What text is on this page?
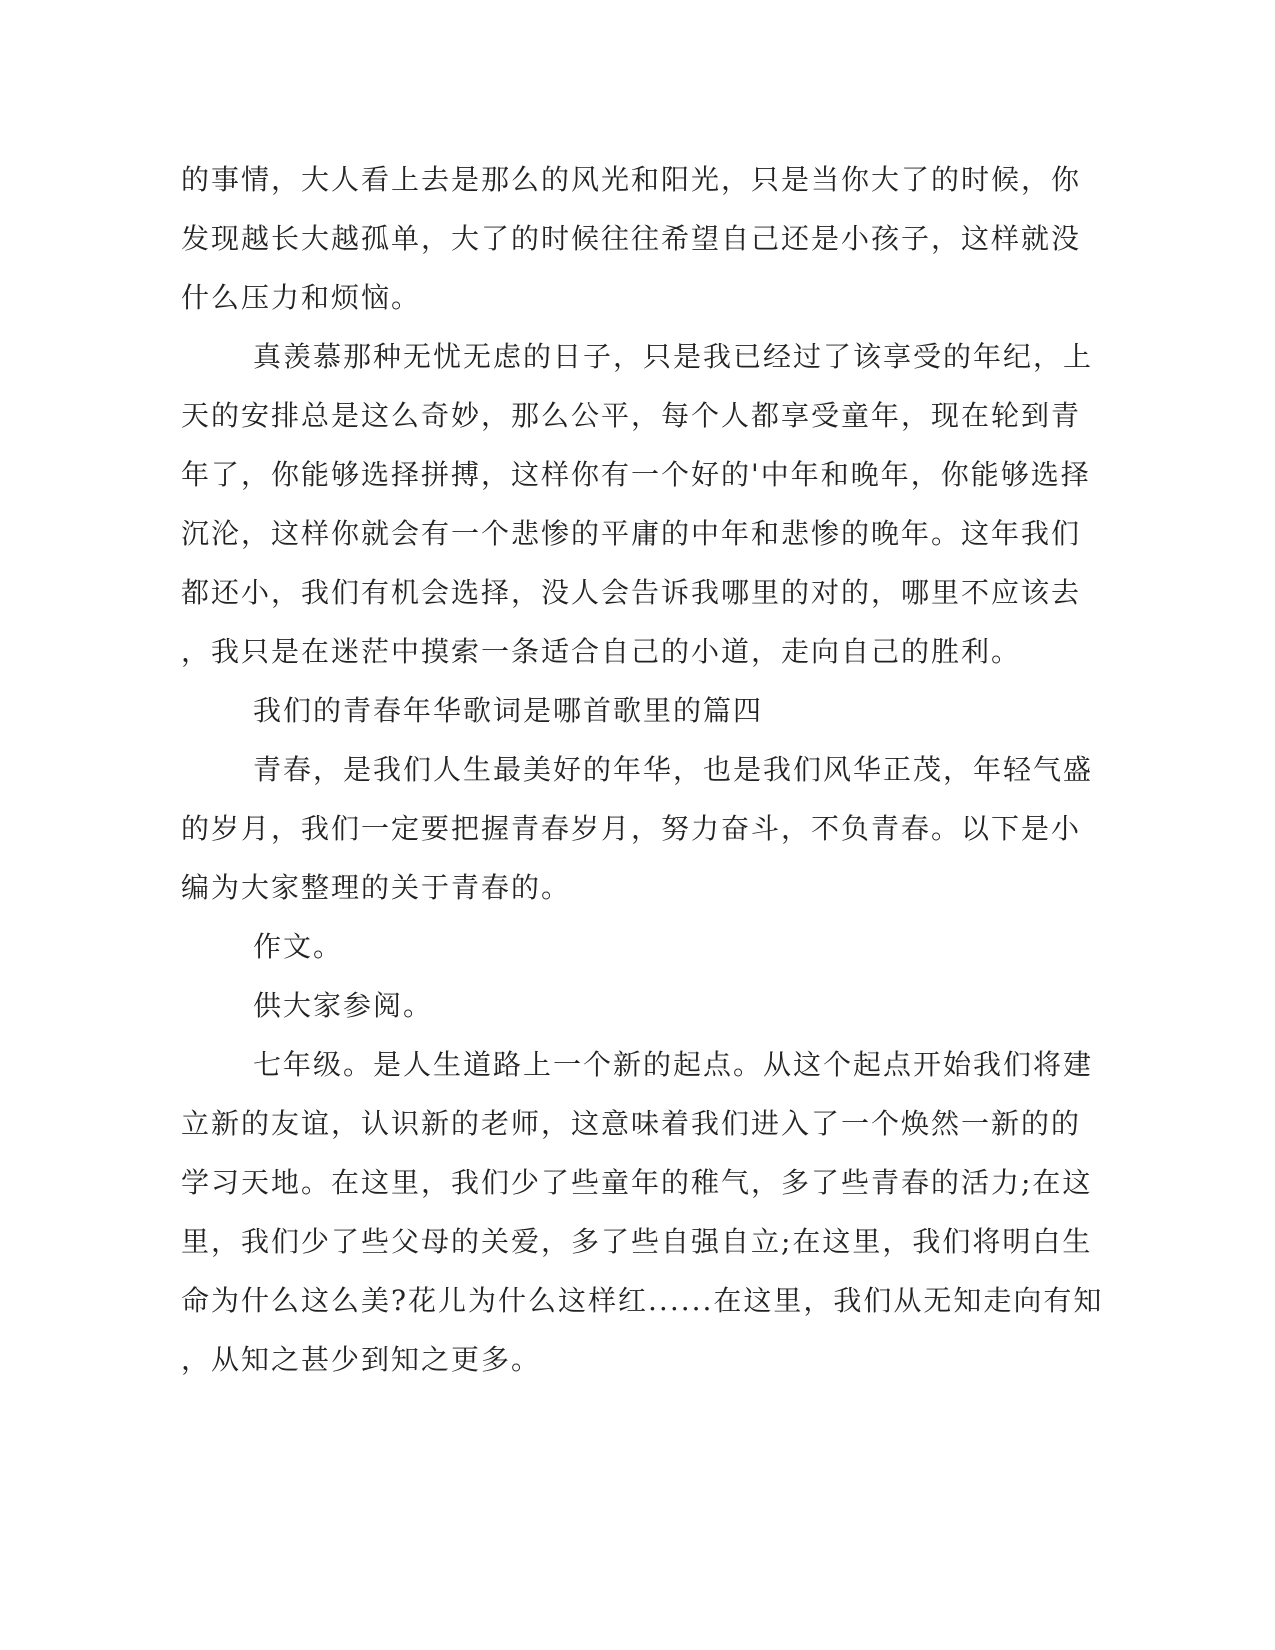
的事情，大人看上去是那么的风光和阳光，只是当你大了的时候，你
发现越长大越孤单，大了的时候往往希望自己还是小孩子，这样就没
什么压力和烦恼。
真羡慕那种无忧无虑的日子，只是我已经过了该享受的年纪，上
天的安排总是这么奇妙，那么公平，每个人都享受童年，现在轮到青
年了，你能够选择拼搏，这样你有一个好的'中年和晚年，你能够选择
沉沦，这样你就会有一个悲惨的平庸的中年和悲惨的晚年。这年我们
都还小，我们有机会选择，没人会告诉我哪里的对的，哪里不应该去
，我只是在迷茫中摸索一条适合自己的小道，走向自己的胜利。
我们的青春年华歌词是哪首歌里的篇四
青春，是我们人生最美好的年华，也是我们风华正茂，年轻气盛
的岁月，我们一定要把握青春岁月，努力奋斗，不负青春。以下是小
编为大家整理的关于青春的。
作文。
供大家参阅。
七年级。是人生道路上一个新的起点。从这个起点开始我们将建
立新的友谊，认识新的老师，这意味着我们进入了一个焕然一新的的
学习天地。在这里，我们少了些童年的稚气，多了些青春的活力;在这
里，我们少了些父母的关爱，多了些自强自立;在这里，我们将明白生
命为什么这么美?花儿为什么这样红......在这里，我们从无知走向有知
，从知之甚少到知之更多。
